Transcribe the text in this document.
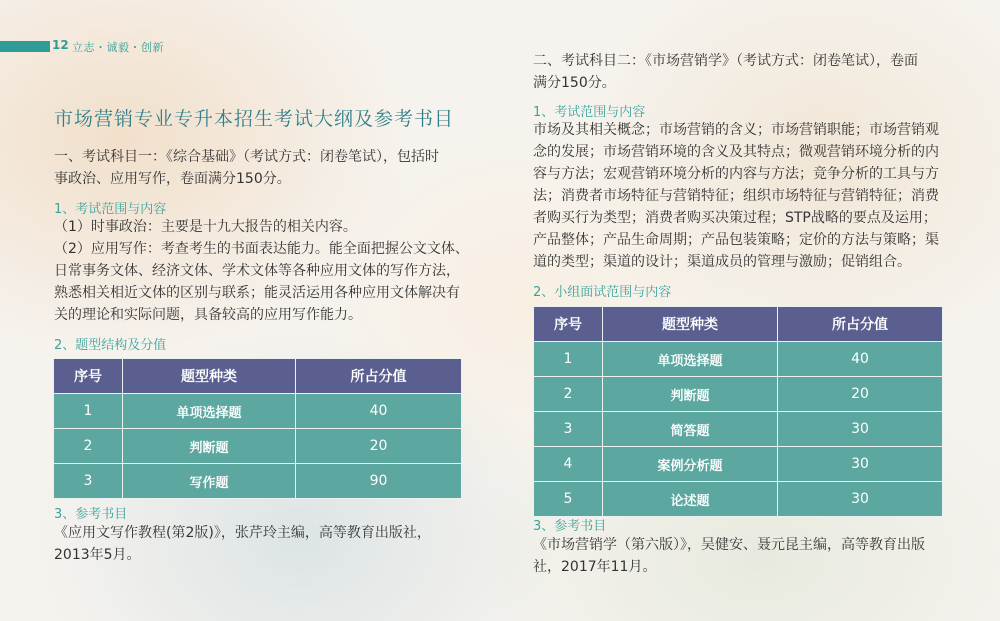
12 立志・诚毅・创新
市场营销专业专升本招生考试大纲及参考书目
一、考试科目一：《综合基础》（考试方式：闭卷笔试），包括时
事政治、应用写作，卷面满分150分。
1、考试范围与内容
（1）时事政治：主要是十九大报告的相关内容。
（2）应用写作：考查考生的书面表达能力。能全面把握公文文体、
日常事务文体、经济文体、学术文体等各种应用文体的写作方法，
熟悉相关相近文体的区别与联系；能灵活运用各种应用文体解决有
关的理论和实际问题，具备较高的应用写作能力。
2、题型结构及分值
序号	题型种类	所占分值
1	单项选择题	40
2	判断题	20
3	写作题	90
3、参考书目
《应用文写作教程(第2版)》，张芹玲主编，高等教育出版社，
2013年5月。
二、考试科目二：《市场营销学》（考试方式：闭卷笔试），卷面
满分150分。
1、考试范围与内容
市场及其相关概念；市场营销的含义；市场营销职能；市场营销观
念的发展；市场营销环境的含义及其特点；微观营销环境分析的内
容与方法；宏观营销环境分析的内容与方法；竞争分析的工具与方
法；消费者市场特征与营销特征；组织市场特征与营销特征；消费
者购买行为类型；消费者购买决策过程；STP战略的要点及运用；
产品整体；产品生命周期；产品包装策略；定价的方法与策略；渠
道的类型；渠道的设计；渠道成员的管理与激励；促销组合。
2、小组面试范围与内容
序号	题型种类	所占分值
1	单项选择题	40
2	判断题	20
3	简答题	30
4	案例分析题	30
5	论述题	30
3、参考书目
《市场营销学（第六版）》，吴健安、聂元昆主编，高等教育出版
社，2017年11月。
